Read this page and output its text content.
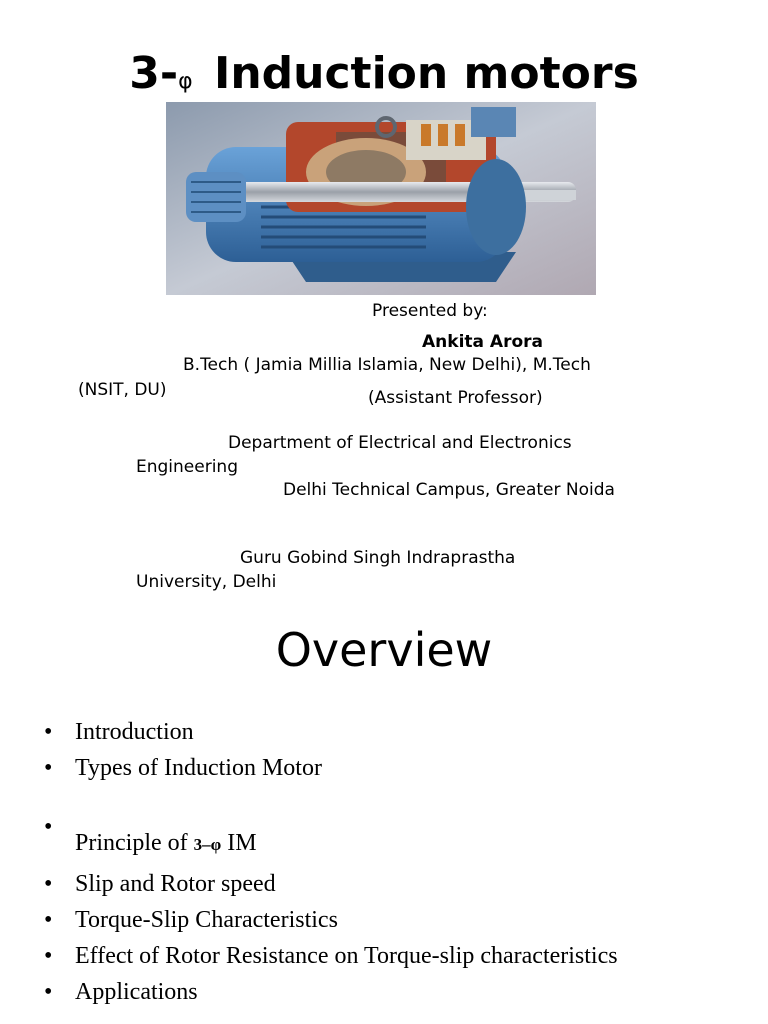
3-φ Induction motors
Presented by:
Ankita Arora
B.Tech ( Jamia Millia Islamia, New Delhi), M.Tech
(NSIT, DU)	(Assistant Professor)
Department of Electrical and Electronics
Engineering
Delhi Technical Campus, Greater Noida
Guru Gobind Singh Indraprastha
University, Delhi
Overview
• Introduction
• Types of Induction Motor
•
Principle of 3–φ IM
• Slip and Rotor speed
• Torque-Slip Characteristics
• Effect of Rotor Resistance on Torque-slip characteristics
• Applications
